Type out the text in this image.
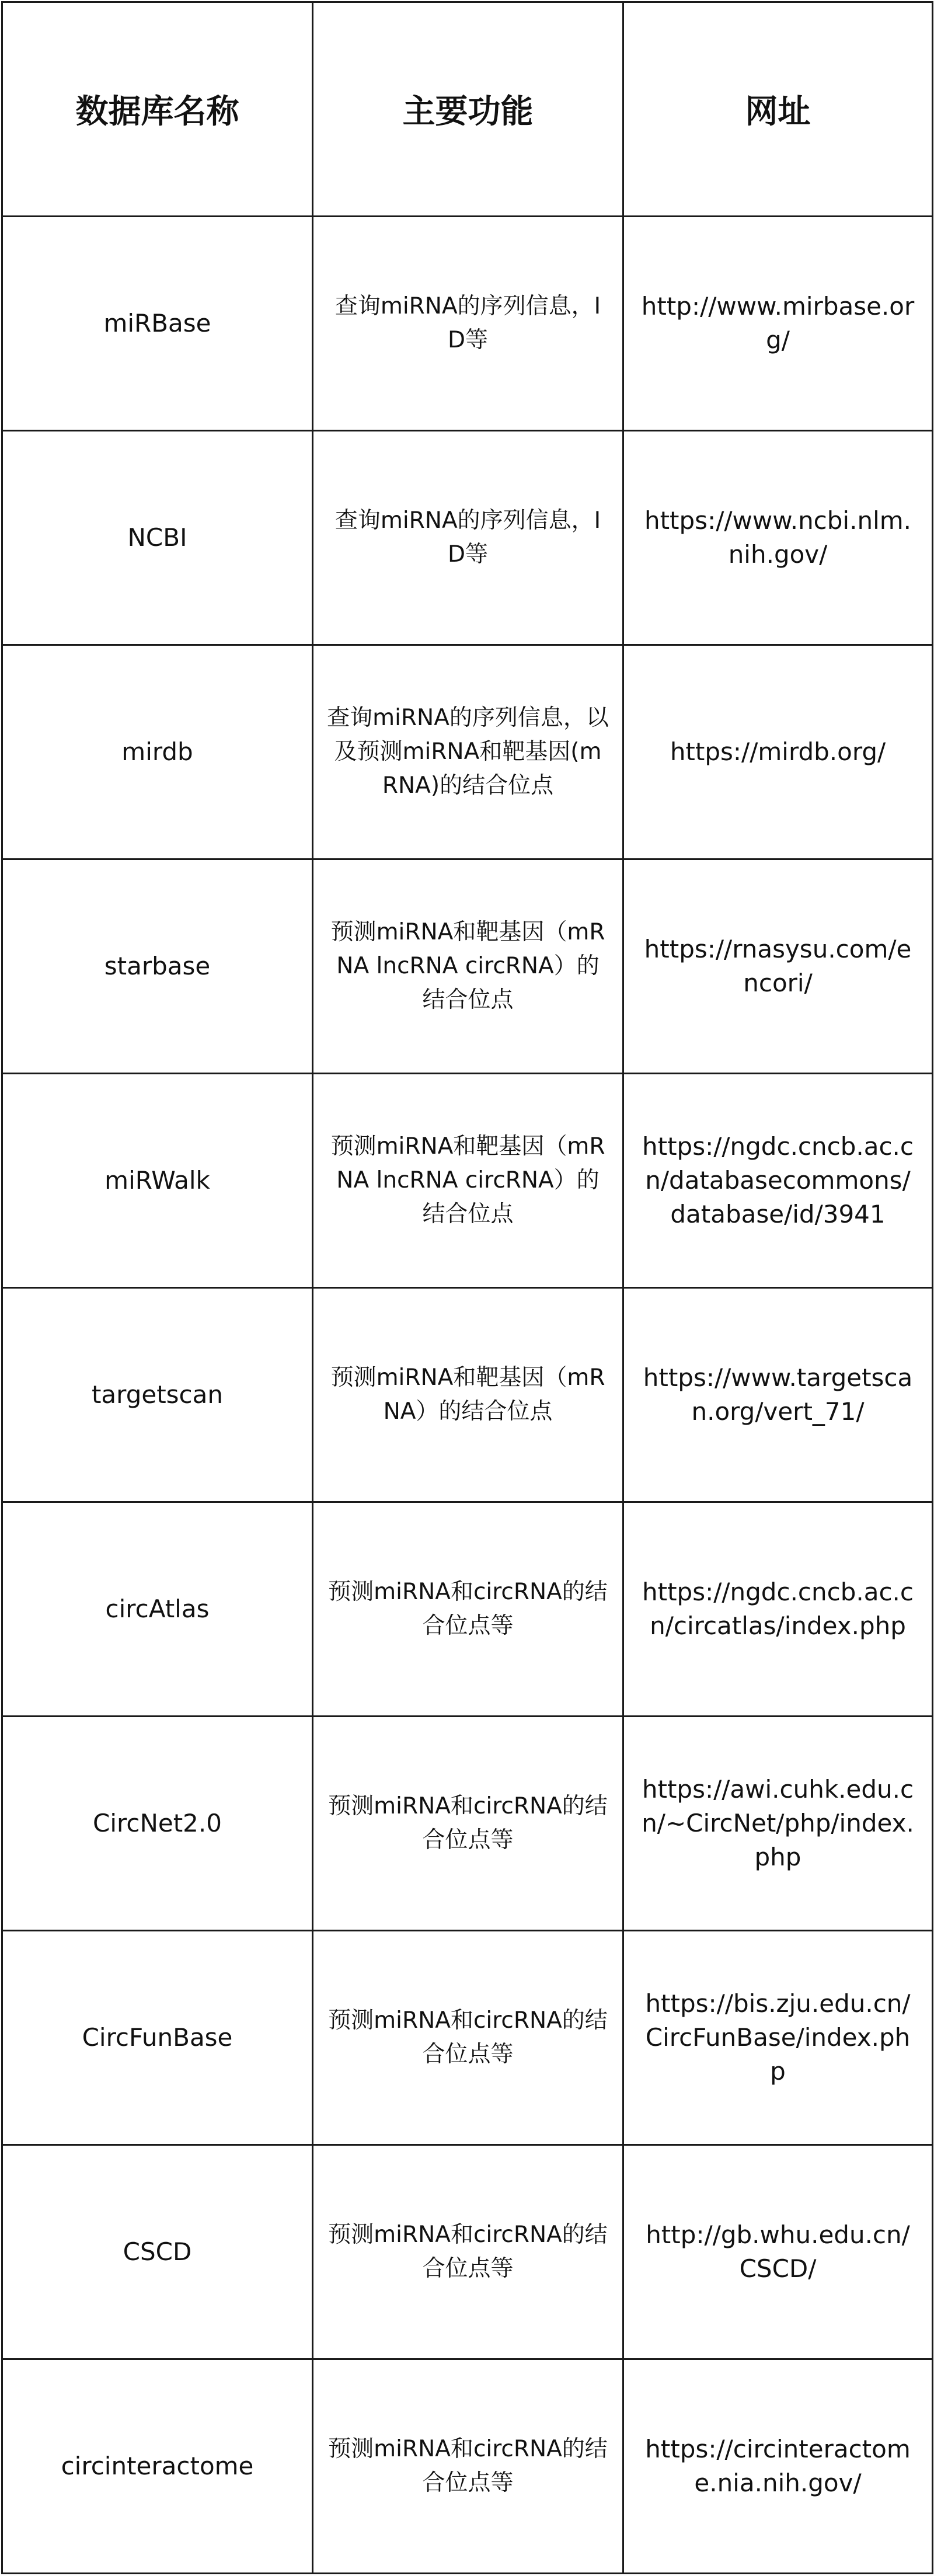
数据库名称	主要功能	网址
miRBase	查询miRNA的序列信息，ID等	http://www.mirbase.org/
NCBI	查询miRNA的序列信息，ID等	https://www.ncbi.nlm.nih.gov/
mirdb	查询miRNA的序列信息，以及预测miRNA和靶基因(mRNA)的结合位点	https://mirdb.org/
starbase	预测miRNA和靶基因（mRNA lncRNA circRNA）的结合位点	https://rnasysu.com/encori/
miRWalk	预测miRNA和靶基因（mRNA lncRNA circRNA）的结合位点	https://ngdc.cncb.ac.cn/databasecommons/database/id/3941
targetscan	预测miRNA和靶基因（mRNA）的结合位点	https://www.targetscan.org/vert_71/
circAtlas	预测miRNA和circRNA的结合位点等	https://ngdc.cncb.ac.cn/circatlas/index.php
CircNet2.0	预测miRNA和circRNA的结合位点等	https://awi.cuhk.edu.cn/~CircNet/php/index.php
CircFunBase	预测miRNA和circRNA的结合位点等	https://bis.zju.edu.cn/CircFunBase/index.php
CSCD	预测miRNA和circRNA的结合位点等	http://gb.whu.edu.cn/CSCD/
circinteractome	预测miRNA和circRNA的结合位点等	https://circinteractome.nia.nih.gov/
